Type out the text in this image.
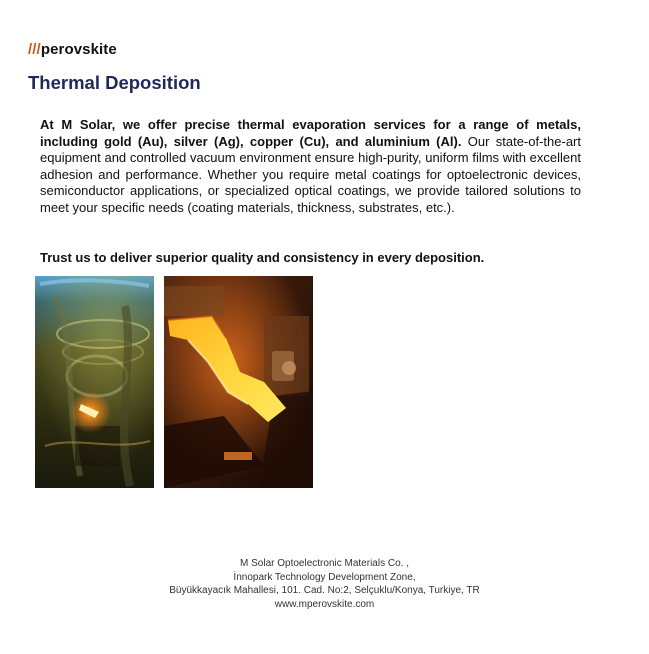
///perovskite
Thermal Deposition

At M Solar, we offer precise thermal evaporation services for a range of metals, including gold (Au), silver (Ag), copper (Cu), and aluminium (Al). Our state-of-the-art equipment and controlled vacuum environment ensure high-purity, uniform films with excellent adhesion and performance. Whether you require metal coatings for optoelectronic devices, semiconductor applications, or specialized optical coatings, we provide tailored solutions to meet your specific needs (coating materials, thickness, substrates, etc.).

Trust us to deliver superior quality and consistency in every deposition.

M Solar Optoelectronic Materials Co. ,
İnnopark Technology Development Zone,
Büyükkayacık Mahallesi, 101. Cad. No:2, Selçuklu/Konya, Turkiye, TR
www.mperovskite.com
